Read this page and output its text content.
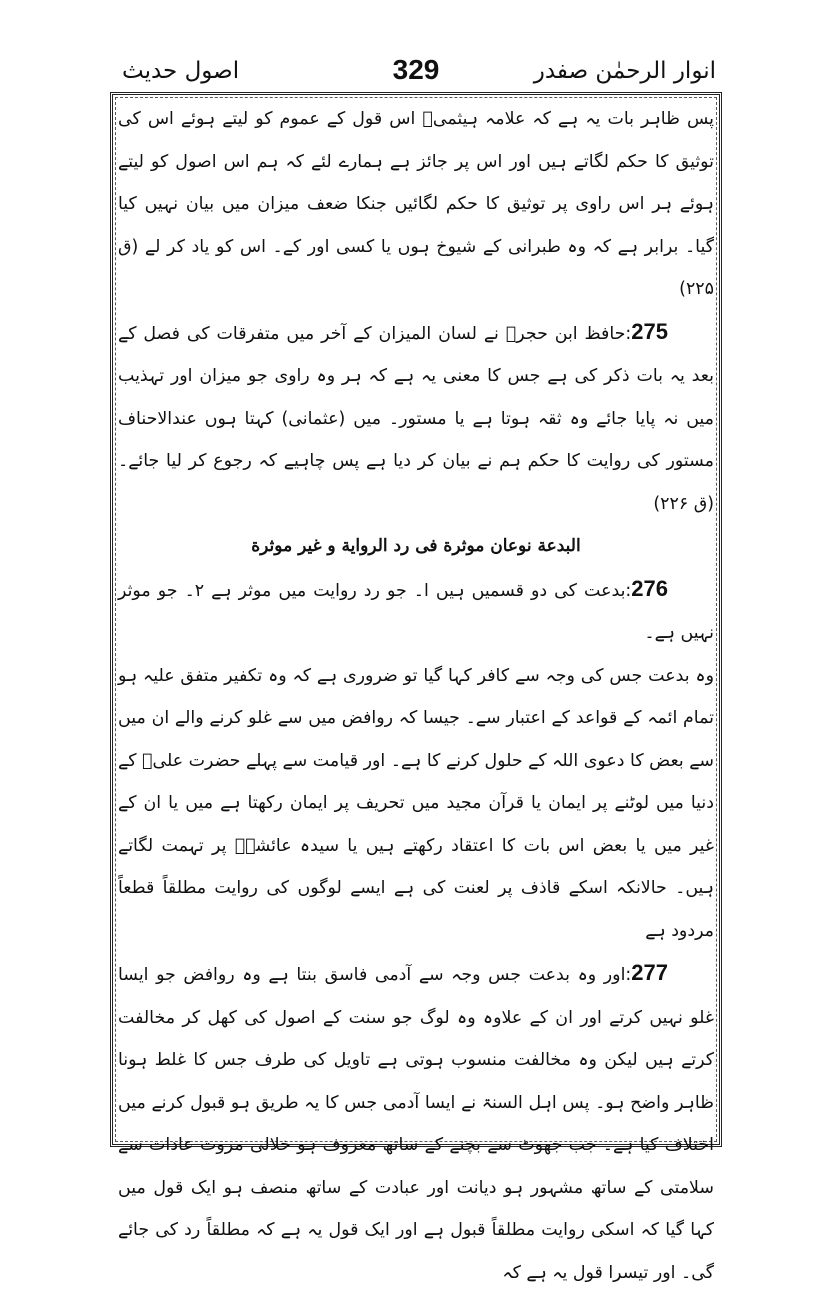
اصول حدیث	329	انوار الرحمٰن صفدر

پس ظاہر بات یہ ہے کہ علامہ ہیثمیؒ اس قول کے عموم کو لیتے ہوئے اس کی توثیق کا حکم لگاتے ہیں اور اس پر جائز ہے ہمارے لئے کہ ہم اس اصول کو لیتے ہوئے ہر اس راوی پر توثیق کا حکم لگائیں جنکا ضعف میزان میں بیان نہیں کیا گیا۔ برابر ہے کہ وہ طبرانی کے شیوخ ہوں یا کسی اور کے۔ اس کو یاد کر لے (ق ۲۲۵)

275:حافظ ابن حجرؒ نے لسان المیزان کے آخر میں متفرقات کی فصل کے بعد یہ بات ذکر کی ہے جس کا معنی یہ ہے کہ ہر وہ راوی جو میزان اور تہذیب میں نہ پایا جائے وہ ثقہ ہوتا ہے یا مستور۔ میں (عثمانی) کہتا ہوں عندالاحناف مستور کی روایت کا حکم ہم نے بیان کر دیا ہے پس چاہیے کہ رجوع کر لیا جائے۔ (ق ۲۲۶)

البدعة نوعان موثرة فی رد الروایة و غیر موثرة

276:بدعت کی دو قسمیں ہیں ا۔ جو رد روایت میں موثر ہے ۲۔ جو موثر نہیں ہے۔

وہ بدعت جس کی وجہ سے کافر کہا گیا تو ضروری ہے کہ وہ تکفیر متفق علیہ ہو تمام ائمہ کے قواعد کے اعتبار سے۔ جیسا کہ روافض میں سے غلو کرنے والے ان میں سے بعض کا دعوی اللہ کے حلول کرنے کا ہے۔ اور قیامت سے پہلے حضرت علیؓ کے دنیا میں لوٹنے پر ایمان یا قرآن مجید میں تحریف پر ایمان رکھتا ہے میں یا ان کے غیر میں یا بعض اس بات کا اعتقاد رکھتے ہیں یا سیدہ عائشہؓ پر تہمت لگاتے ہیں۔ حالانکہ اسکے قاذف پر لعنت کی ہے ایسے لوگوں کی روایت مطلقاً قطعاً مردود ہے

277:اور وہ بدعت جس وجہ سے آدمی فاسق بنتا ہے وہ روافض جو ایسا غلو نہیں کرتے اور ان کے علاوہ وہ لوگ جو سنت کے اصول کی کھل کر مخالفت کرتے ہیں لیکن وہ مخالفت منسوب ہوتی ہے تاویل کی طرف جس کا غلط ہونا ظاہر واضح ہو۔ پس اہل السنۃ نے ایسا آدمی جس کا یہ طریق ہو قبول کرنے میں اختلاف کیا ہے۔ جب جھوٹ سے بچنے کے ساتھ معروف ہو خلالی مروت عادات سے سلامتی کے ساتھ مشہور ہو دیانت اور عبادت کے ساتھ منصف ہو ایک قول میں کہا گیا کہ اسکی روایت مطلقاً قبول ہے اور ایک قول یہ ہے کہ مطلقاً رد کی جائے گی۔ اور تیسرا قول یہ ہے کہ
